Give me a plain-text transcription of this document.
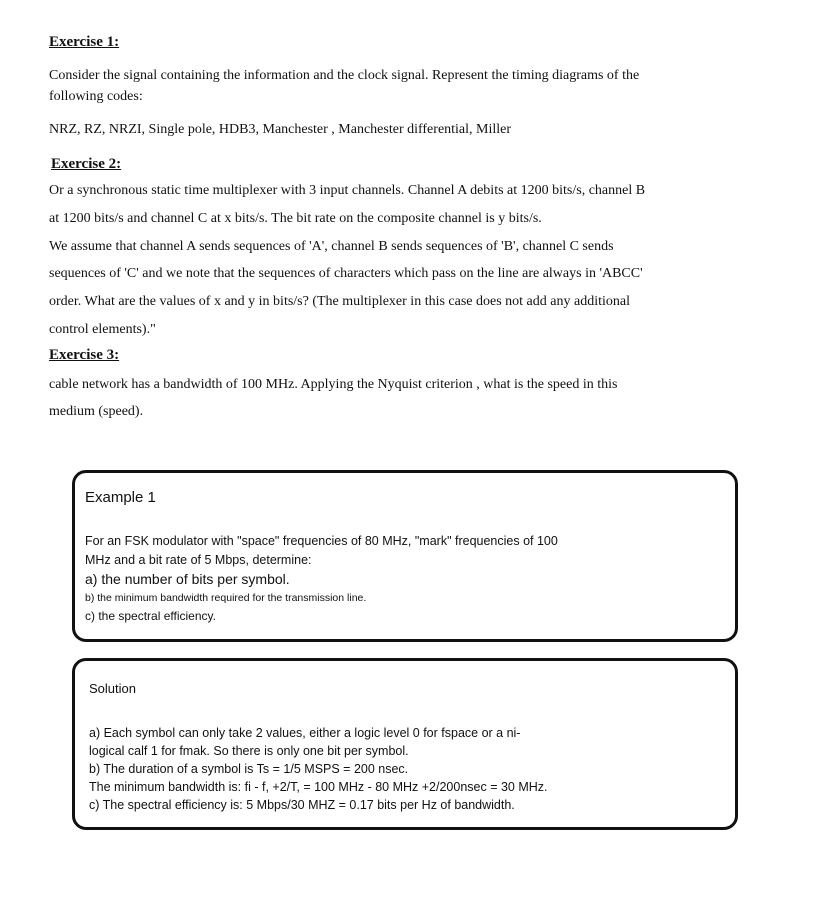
Exercise 1:
Consider the signal containing the information and the clock signal. Represent the timing diagrams of the
following codes:
NRZ, RZ, NRZI, Single pole, HDB3, Manchester , Manchester differential, Miller
Exercise 2:
Or a synchronous static time multiplexer with 3 input channels. Channel A debits at 1200 bits/s, channel B
at 1200 bits/s and channel C at x bits/s. The bit rate on the composite channel is y bits/s.
We assume that channel A sends sequences of 'A', channel B sends sequences of 'B', channel C sends
sequences of 'C' and we note that the sequences of characters which pass on the line are always in 'ABCC'
order. What are the values of x and y in bits/s? (The multiplexer in this case does not add any additional
control elements)."
Exercise 3:
cable network has a bandwidth of 100 MHz. Applying the Nyquist criterion , what is the speed in this
medium (speed).
Example 1
For an FSK modulator with "space" frequencies of 80 MHz, "mark" frequencies of 100
MHz and a bit rate of 5 Mbps, determine:
a) the number of bits per symbol.
b) the minimum bandwidth required for the transmission line.
c) the spectral efficiency.
Solution
a) Each symbol can only take 2 values, either a logic level 0 for fspace or a ni-
logical calf 1 for fmak. So there is only one bit per symbol.
b) The duration of a symbol is Ts = 1/5 MSPS = 200 nsec.
The minimum bandwidth is: fi - f, +2/T, = 100 MHz - 80 MHz +2/200nsec = 30 MHz.
c) The spectral efficiency is: 5 Mbps/30 MHZ = 0.17 bits per Hz of bandwidth.
